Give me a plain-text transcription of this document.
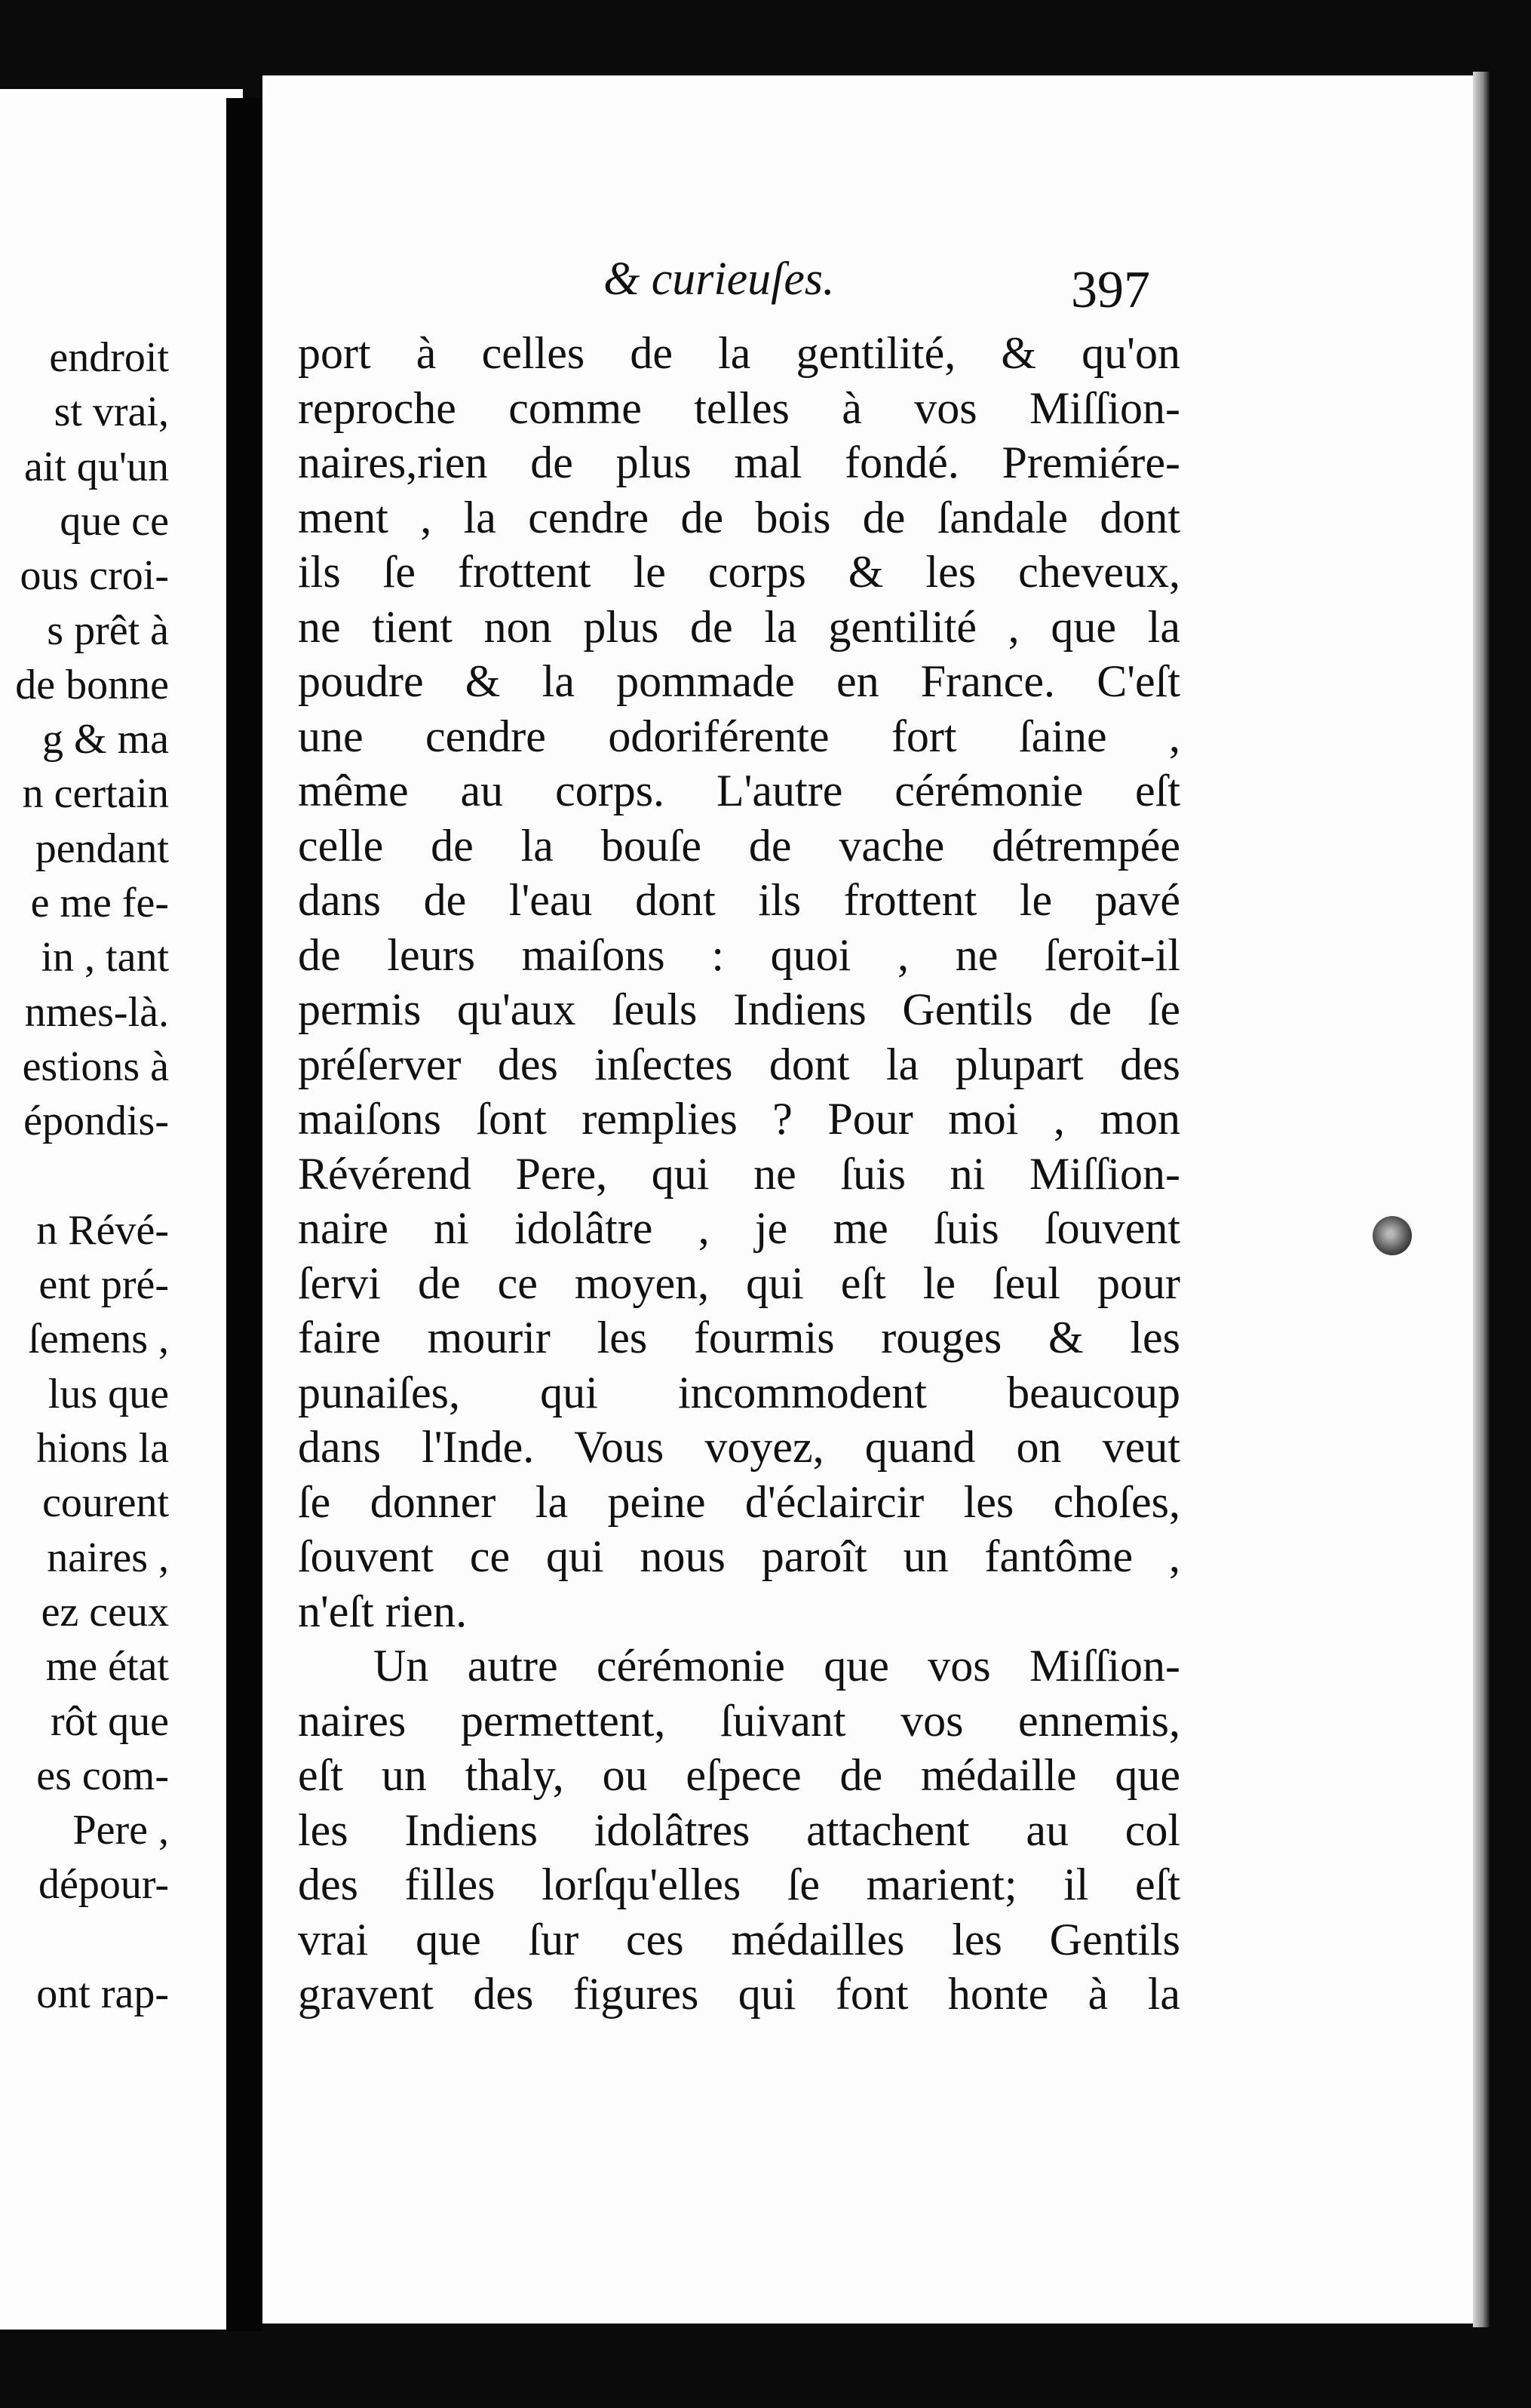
endroit
st vrai,
ait qu'un
que ce
ous croi-
s prêt à
de bonne
g & ma
n certain
pendant
e me fe-
in , tant
nmes-là.
estions à
épondis-
n Révé-
ent pré-
ſemens ,
lus que
hions la
courent
naires ,
ez ceux
me état
rôt que
es com-
Pere ,
dépour-
ont rap-
& curieuſes.	397
port à celles de la gentilité, & qu'on
reproche comme telles à vos Miſſion-
naires,rien de plus mal fondé. Premiére-
ment , la cendre de bois de ſandale dont
ils ſe frottent le corps & les cheveux,
ne tient non plus de la gentilité , que la
poudre & la pommade en France. C'eſt
une cendre odoriférente fort ſaine ,
même au corps. L'autre cérémonie eſt
celle de la bouſe de vache détrempée
dans de l'eau dont ils frottent le pavé
de leurs maiſons : quoi , ne ſeroit-il
permis qu'aux ſeuls Indiens Gentils de ſe
préſerver des inſectes dont la plupart des
maiſons ſont remplies ? Pour moi , mon
Révérend Pere, qui ne ſuis ni Miſſion-
naire ni idolâtre , je me ſuis ſouvent
ſervi de ce moyen, qui eſt le ſeul pour
faire mourir les fourmis rouges & les
punaiſes, qui incommodent beaucoup
dans l'Inde. Vous voyez, quand on veut
ſe donner la peine d'éclaircir les choſes,
ſouvent ce qui nous paroît un fantôme ,
n'eſt rien.
Un autre cérémonie que vos Miſſion-
naires permettent, ſuivant vos ennemis,
eſt un thaly, ou eſpece de médaille que
les Indiens idolâtres attachent au col
des filles lorſqu'elles ſe marient; il eſt
vrai que ſur ces médailles les Gentils
gravent des figures qui font honte à la
